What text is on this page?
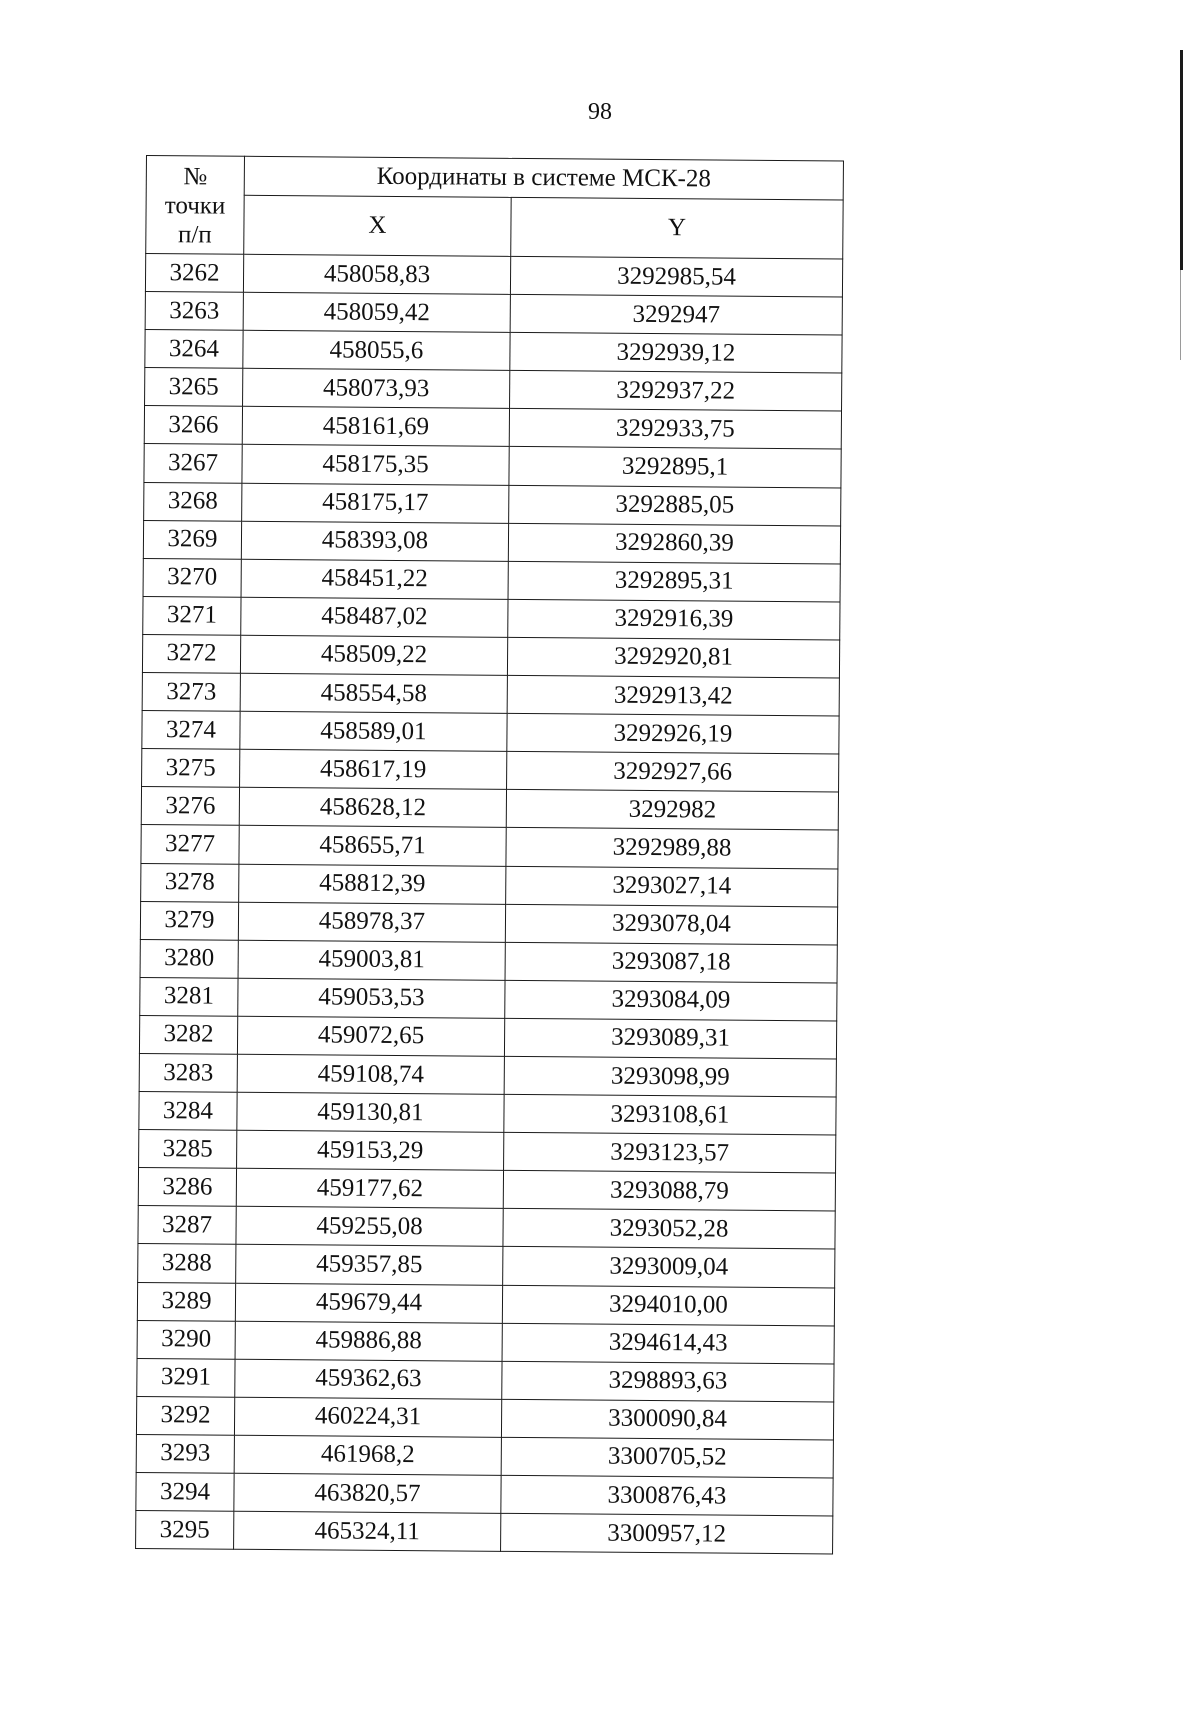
98
№
точки
п/п	Координаты в системе МСК-28	
	X	Y
3262	458058,83	3292985,54
3263	458059,42	3292947
3264	458055,6	3292939,12
3265	458073,93	3292937,22
3266	458161,69	3292933,75
3267	458175,35	3292895,1
3268	458175,17	3292885,05
3269	458393,08	3292860,39
3270	458451,22	3292895,31
3271	458487,02	3292916,39
3272	458509,22	3292920,81
3273	458554,58	3292913,42
3274	458589,01	3292926,19
3275	458617,19	3292927,66
3276	458628,12	3292982
3277	458655,71	3292989,88
3278	458812,39	3293027,14
3279	458978,37	3293078,04
3280	459003,81	3293087,18
3281	459053,53	3293084,09
3282	459072,65	3293089,31
3283	459108,74	3293098,99
3284	459130,81	3293108,61
3285	459153,29	3293123,57
3286	459177,62	3293088,79
3287	459255,08	3293052,28
3288	459357,85	3293009,04
3289	459679,44	3294010,00
3290	459886,88	3294614,43
3291	459362,63	3298893,63
3292	460224,31	3300090,84
3293	461968,2	3300705,52
3294	463820,57	3300876,43
3295	465324,11	3300957,12
